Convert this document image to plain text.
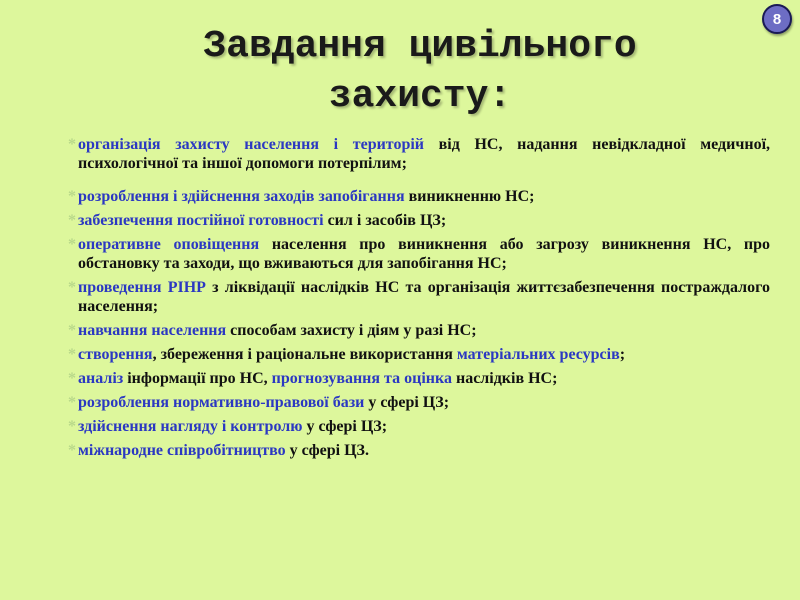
8
Завдання цивільного
захисту:
* організація захисту населення і територій від НС, надання невідкладної медичної, психологічної та іншої допомоги потерпілим;
* розроблення і здійснення заходів запобігання виникненню НС;
* забезпечення постійної готовності сил і засобів ЦЗ;
* оперативне оповіщення населення про виникнення або загрозу виникнення НС, про обстановку та заходи, що вживаються для запобігання НС;
* проведення РІНР з ліквідації наслідків НС та організація життєзабезпечення постраждалого населення;
* навчання населення способам захисту і діям у разі НС;
* створення, збереження і раціональне використання матеріальних ресурсів;
* аналіз інформації про НС, прогнозування та оцінка наслідків НС;
* розроблення нормативно-правової бази у сфері ЦЗ;
* здійснення нагляду і контролю у сфері ЦЗ;
* міжнародне співробітництво у сфері ЦЗ.
